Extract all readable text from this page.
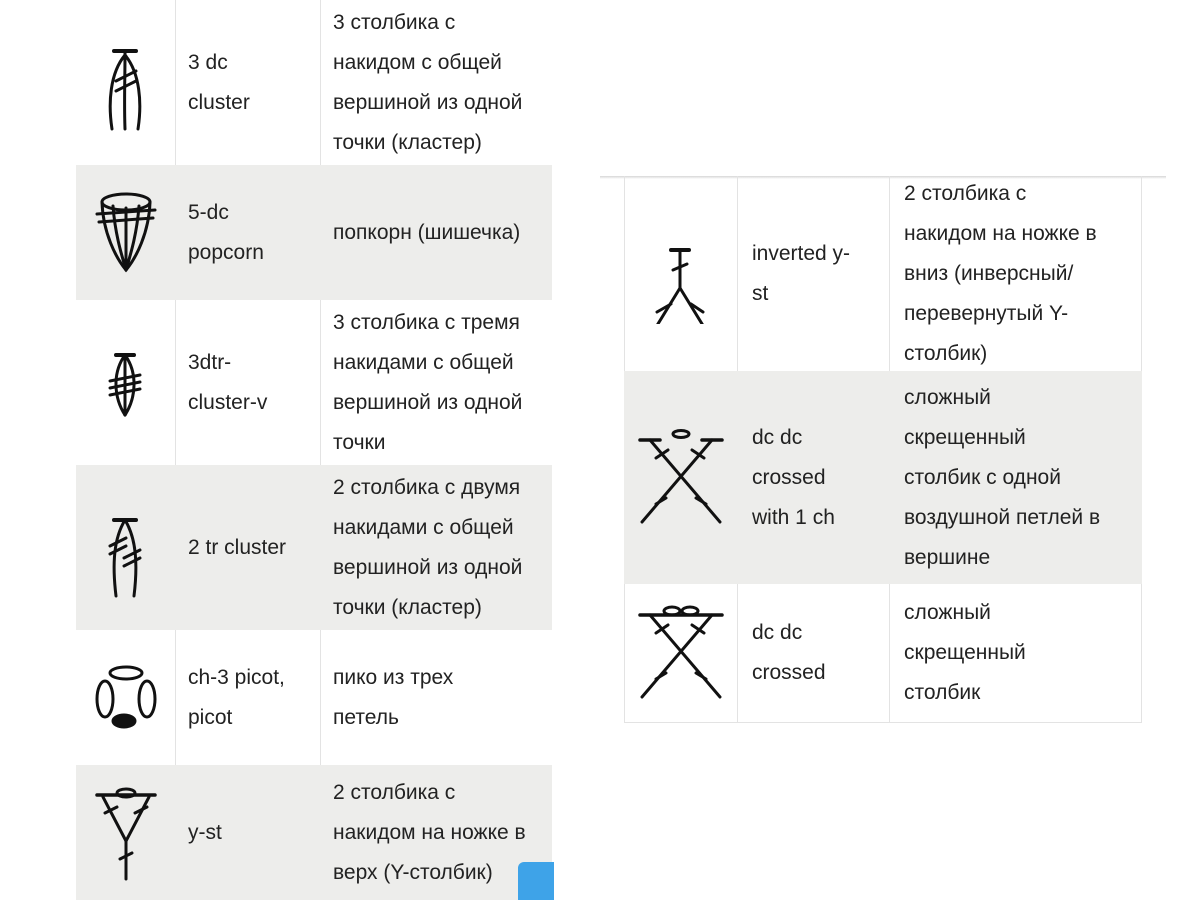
3 dc
cluster
3 столбика с
накидом с общей
вершиной из одной
точки (кластер)
5-dc
popcorn
попкорн (шишечка)
3dtr-
cluster-v
3 столбика с тремя
накидами с общей
вершиной из одной
точки
2 tr cluster
2 столбика с двумя
накидами с общей
вершиной из одной
точки (кластер)
ch-3 picot,
picot
пико из трех
петель
y-st
2 столбика с
накидом на ножке в
верх (Y-столбик)
inverted y-
st
2 столбика с
накидом на ножке в
вниз (инверсный/
перевернутый Y-
столбик)
dc dc
crossed
with 1 ch
сложный
скрещенный
столбик с одной
воздушной петлей в
вершине
dc dc
crossed
сложный
скрещенный
столбик
